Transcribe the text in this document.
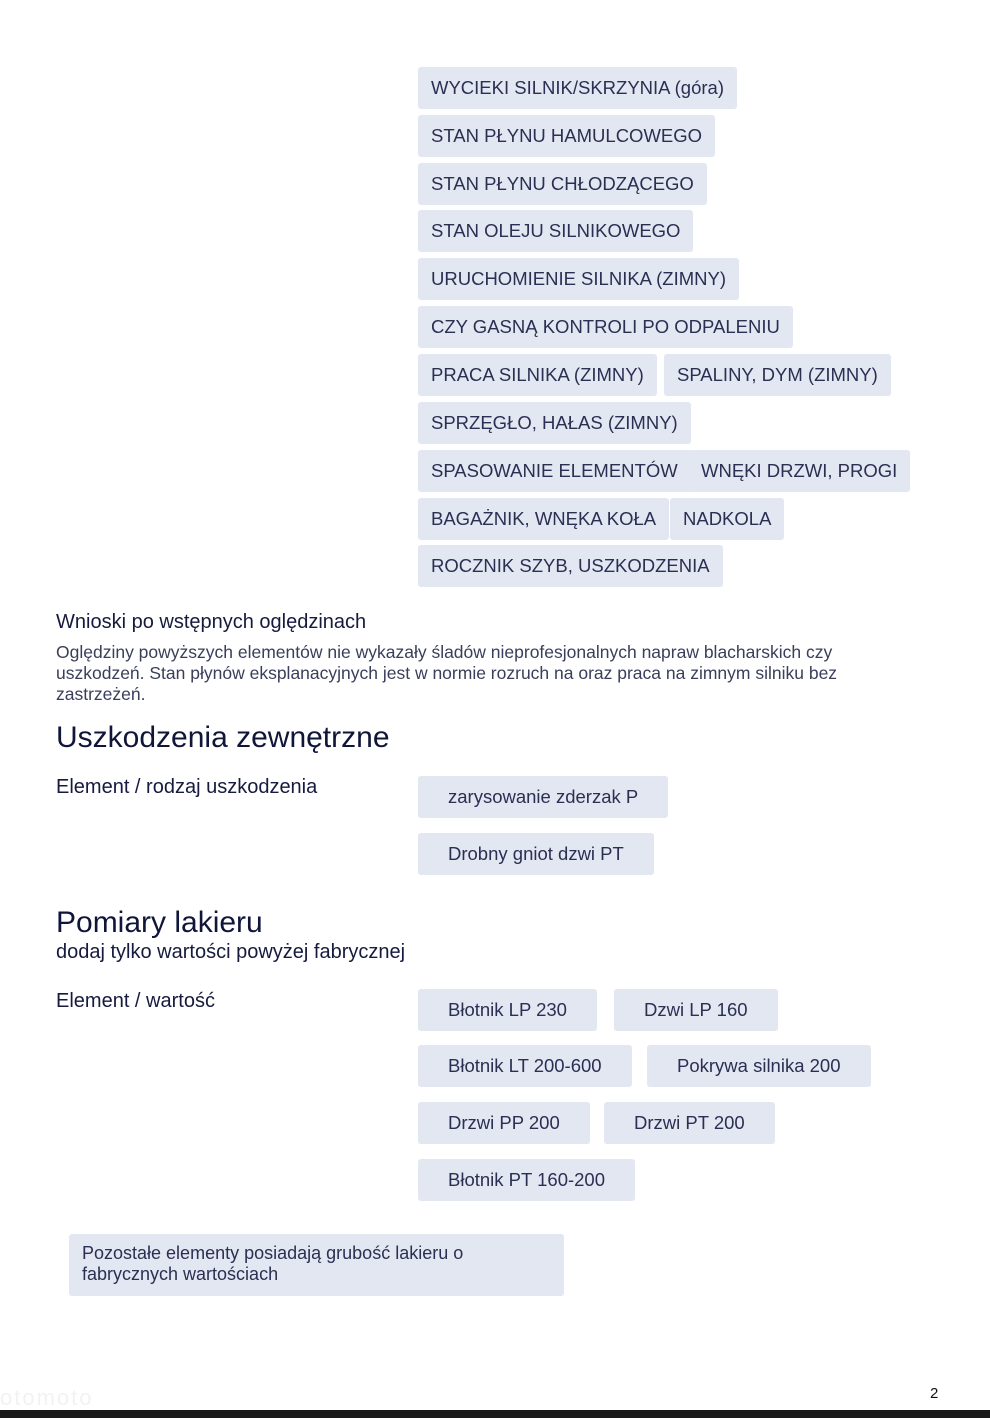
WYCIEKI SILNIK/SKRZYNIA (góra)
STAN PŁYNU HAMULCOWEGO
STAN PŁYNU CHŁODZĄCEGO
STAN OLEJU SILNIKOWEGO
URUCHOMIENIE SILNIKA (ZIMNY)
CZY GASNĄ KONTROLI PO ODPALENIU
PRACA SILNIKA (ZIMNY)	SPALINY, DYM (ZIMNY)
SPRZĘGŁO, HAŁAS (ZIMNY)
SPASOWANIE ELEMENTÓW	WNĘKI DRZWI, PROGI
BAGAŻNIK, WNĘKA KOŁA	NADKOLA
ROCZNIK SZYB, USZKODZENIA
Wnioski po wstępnych oględzinach
Oględziny powyższych elementów nie wykazały śladów nieprofesjonalnych napraw blacharskich czy uszkodzeń. Stan płynów eksplanacyjnych jest w normie rozruch na oraz praca na zimnym silniku bez zastrzeżeń.
Uszkodzenia zewnętrzne
Element / rodzaj uszkodzenia	zarysowanie zderzak P
Drobny gniot dzwi PT
Pomiary lakieru
dodaj tylko wartości powyżej fabrycznej
Element / wartość	Błotnik LP 230	Dzwi LP 160
Błotnik LT 200-600	Pokrywa silnika 200
Drzwi PP 200	Drzwi PT 200
Błotnik PT 160-200
Pozostałe elementy posiadają grubość lakieru o fabrycznych wartościach
otomoto	2
